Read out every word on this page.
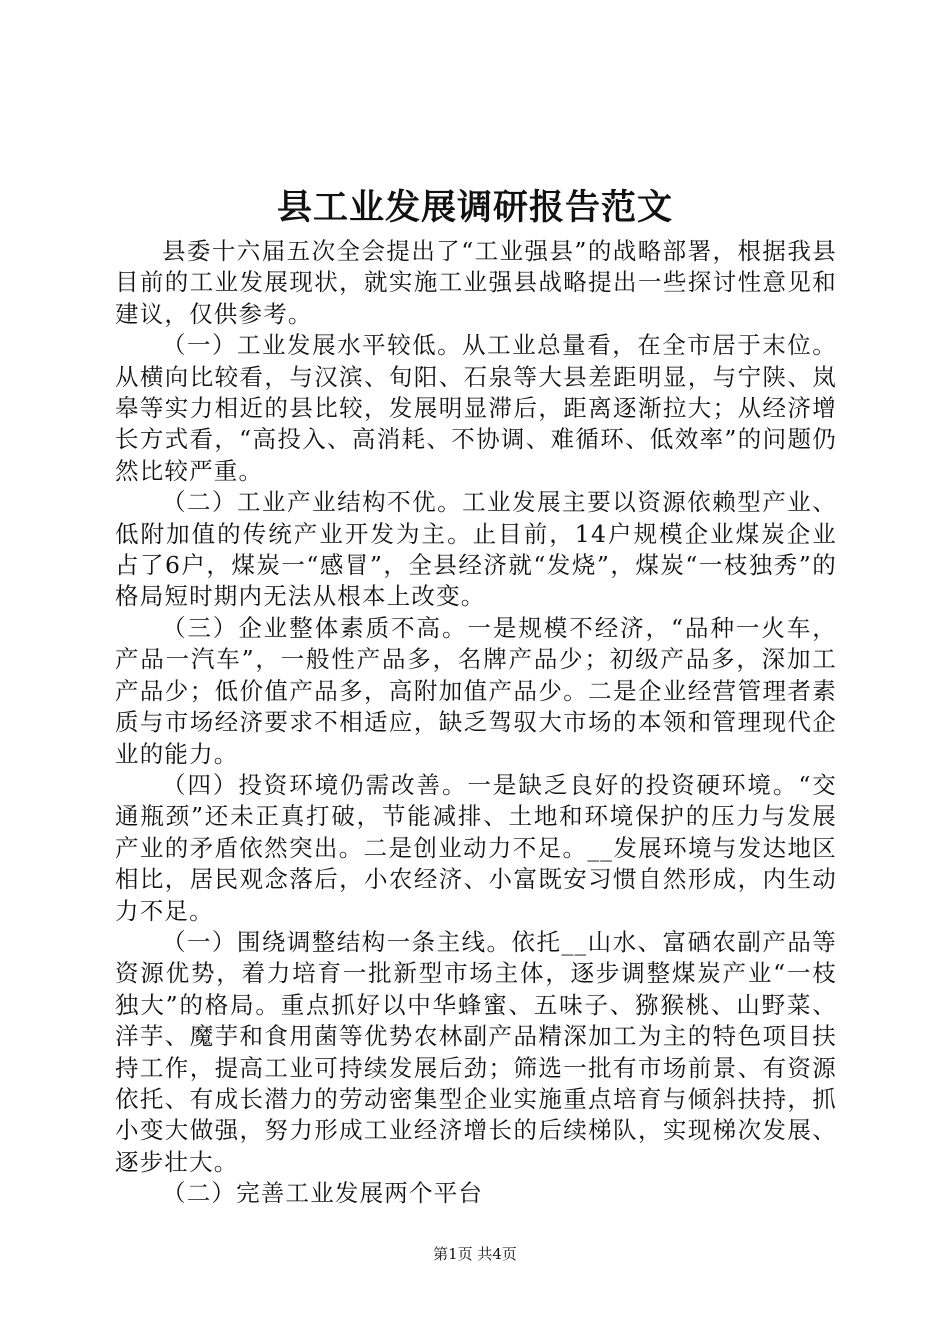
县工业发展调研报告范文

县委十六届五次全会提出了“工业强县”的战略部署，根据我县目前的工业发展现状，就实施工业强县战略提出一些探讨性意见和建议，仅供参考。

（一）工业发展水平较低。从工业总量看，在全市居于末位。从横向比较看，与汉滨、旬阳、石泉等大县差距明显，与宁陕、岚皋等实力相近的县比较，发展明显滞后，距离逐渐拉大；从经济增长方式看，“高投入、高消耗、不协调、难循环、低效率”的问题仍然比较严重。

（二）工业产业结构不优。工业发展主要以资源依赖型产业、低附加值的传统产业开发为主。止目前，14户规模企业煤炭企业占了6户，煤炭一“感冒”，全县经济就“发烧”，煤炭“一枝独秀”的格局短时期内无法从根本上改变。

（三）企业整体素质不高。一是规模不经济，“品种一火车，产品一汽车”，一般性产品多，名牌产品少；初级产品多，深加工产品少；低价值产品多，高附加值产品少。二是企业经营管理者素质与市场经济要求不相适应，缺乏驾驭大市场的本领和管理现代企业的能力。

（四）投资环境仍需改善。一是缺乏良好的投资硬环境。“交通瓶颈”还未正真打破，节能减排、土地和环境保护的压力与发展产业的矛盾依然突出。二是创业动力不足。__发展环境与发达地区相比，居民观念落后，小农经济、小富既安习惯自然形成，内生动力不足。

（一）围绕调整结构一条主线。依托__山水、富硒农副产品等资源优势，着力培育一批新型市场主体，逐步调整煤炭产业“一枝独大”的格局。重点抓好以中华蜂蜜、五味子、猕猴桃、山野菜、洋芋、魔芋和食用菌等优势农林副产品精深加工为主的特色项目扶持工作，提高工业可持续发展后劲；筛选一批有市场前景、有资源依托、有成长潜力的劳动密集型企业实施重点培育与倾斜扶持，抓小变大做强，努力形成工业经济增长的后续梯队，实现梯次发展、逐步壮大。

（二）完善工业发展两个平台

第1页 共4页
